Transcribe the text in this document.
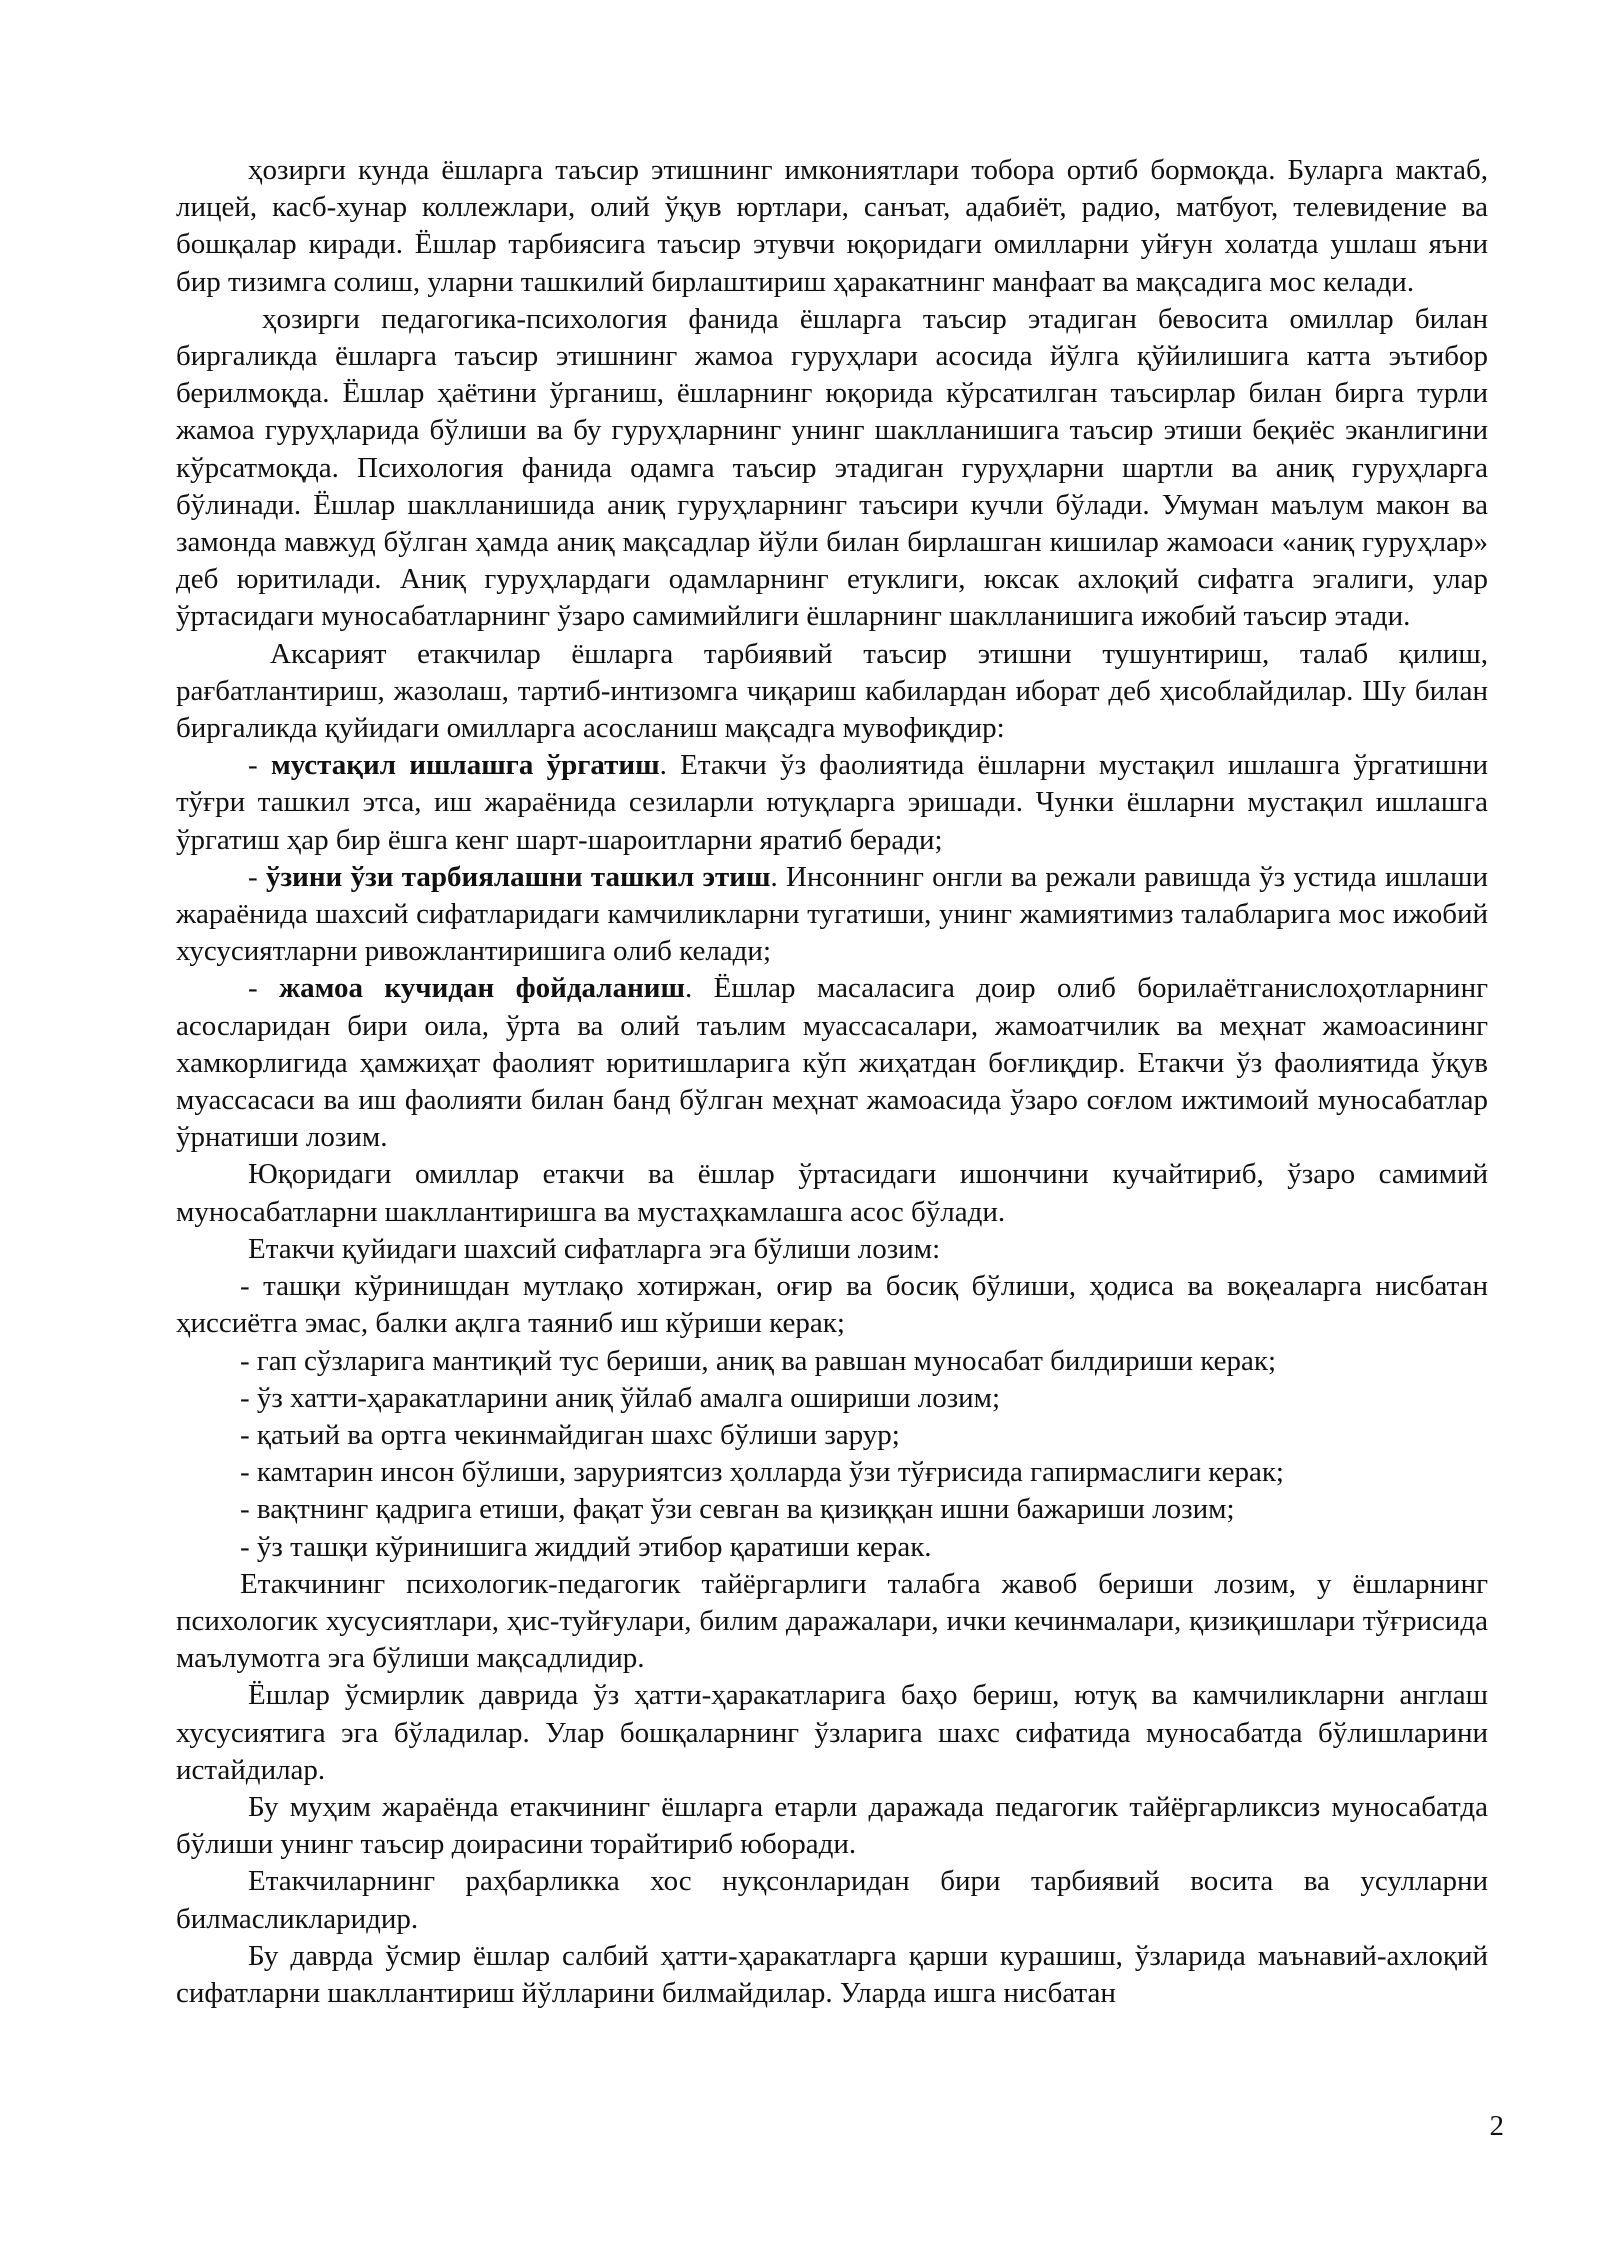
ҳозирги кунда ёшларга таъсир этишнинг имкониятлари тобора ортиб бормоқда. Буларга мактаб, лицей, касб-хунар коллежлари, олий ўқув юртлари, санъат, адабиёт, радио, матбуот, телевидение ва бошқалар киради. Ёшлар тарбиясига таъсир этувчи юқоридаги омилларни уйғун холатда ушлаш яъни бир тизимга солиш, уларни ташкилий бирлаштириш ҳаракатнинг манфаат ва мақсадига мос келади.

ҳозирги педагогика-психология фанида ёшларга таъсир этадиган бевосита омиллар билан биргаликда ёшларга таъсир этишнинг жамоа гуруҳлари асосида йўлга қўйилишига катта эътибор берилмоқда. Ёшлар ҳаётини ўрганиш, ёшларнинг юқорида кўрсатилган таъсирлар билан бирга турли жамоа гуруҳларида бўлиши ва бу гуруҳларнинг унинг шаклланишига таъсир этиши беқиёс эканлигини кўрсатмоқда. Психология фанида одамга таъсир этадиган гуруҳларни шартли ва аниқ гуруҳларга бўлинади. Ёшлар шаклланишида аниқ гуруҳларнинг таъсири кучли бўлади. Умуман маълум макон ва замонда мавжуд бўлган ҳамда аниқ мақсадлар йўли билан бирлашган кишилар жамоаси «аниқ гуруҳлар» деб юритилади. Аниқ гуруҳлардаги одамларнинг етуклиги, юксак ахлоқий сифатга эгалиги, улар ўртасидаги муносабатларнинг ўзаро самимийлиги ёшларнинг шаклланишига ижобий таъсир этади.

Аксарият етакчилар ёшларга тарбиявий таъсир этишни тушунтириш, талаб қилиш, рағбатлантириш, жазолаш, тартиб-интизомга чиқариш кабилардан иборат деб ҳисоблайдилар. Шу билан биргаликда қуйидаги омилларга асосланиш мақсадга мувофиқдир:

- мустақил ишлашга ўргатиш. Етакчи ўз фаолиятида ёшларни мустақил ишлашга ўргатишни тўғри ташкил этса, иш жараёнида сезиларли ютуқларга эришади. Чунки ёшларни мустақил ишлашга ўргатиш ҳар бир ёшга кенг шарт-шароитларни яратиб беради;

- ўзини ўзи тарбиялашни ташкил этиш. Инсоннинг онгли ва режали равишда ўз устида ишлаши жараёнида шахсий сифатларидаги камчиликларни тугатиши, унинг жамиятимиз талабларига мос ижобий хусусиятларни ривожлантиришига олиб келади;

- жамоа кучидан фойдаланиш. Ёшлар масаласига доир олиб борилаётганислоҳотларнинг асосларидан бири оила, ўрта ва олий таълим муассасалари, жамоатчилик ва меҳнат жамоасининг хамкорлигида ҳамжиҳат фаолият юритишларига кўп жиҳатдан боғлиқдир. Етакчи ўз фаолиятида ўқув муассасаси ва иш фаолияти билан банд бўлган меҳнат жамоасида ўзаро соғлом ижтимоий муносабатлар ўрнатиши лозим.

Юқоридаги омиллар етакчи ва ёшлар ўртасидаги ишончини кучайтириб, ўзаро самимий муносабатларни шакллантиришга ва мустаҳкамлашга асос бўлади.

Етакчи қуйидаги шахсий сифатларга эга бўлиши лозим:

- ташқи кўринишдан мутлақо хотиржан, оғир ва босиқ бўлиши, ҳодиса ва воқеаларга нисбатан ҳиссиётга эмас, балки ақлга таяниб иш кўриши керак;

- гап сўзларига мантиқий тус бериши, аниқ ва равшан муносабат билдириши керак;

- ўз хатти-ҳаракатларини аниқ ўйлаб амалга ошириши лозим;

- қатьий ва ортга чекинмайдиган шахс бўлиши зарур;

- камтарин инсон бўлиши, заруриятсиз ҳолларда ўзи тўғрисида гапирмаслиги керак;

- вақтнинг қадрига етиши, фақат ўзи севган ва қизиққан ишни бажариши лозим;

- ўз ташқи кўринишига жиддий этибор қаратиши керак.

Етакчининг психологик-педагогик тайёргарлиги талабга жавоб бериши лозим, у ёшларнинг психологик хусусиятлари, ҳис-туйғулари, билим даражалари, ички кечинмалари, қизиқишлари тўғрисида маълумотга эга бўлиши мақсадлидир.

Ёшлар ўсмирлик даврида ўз ҳатти-ҳаракатларига баҳо бериш, ютуқ ва камчиликларни англаш хусусиятига эга бўладилар. Улар бошқаларнинг ўзларига шахс сифатида муносабатда бўлишларини истайдилар.

Бу муҳим жараёнда етакчининг ёшларга етарли даражада педагогик тайёргарликсиз муносабатда бўлиши унинг таъсир доирасини торайтириб юборади.

Етакчиларнинг раҳбарликка хос нуқсонларидан бири тарбиявий восита ва усулларни билмасликларидир.

Бу даврда ўсмир ёшлар салбий ҳатти-ҳаракатларга қарши курашиш, ўзларида маънавий-ахлоқий сифатларни шакллантириш йўлларини билмайдилар. Уларда ишга нисбатан

2
